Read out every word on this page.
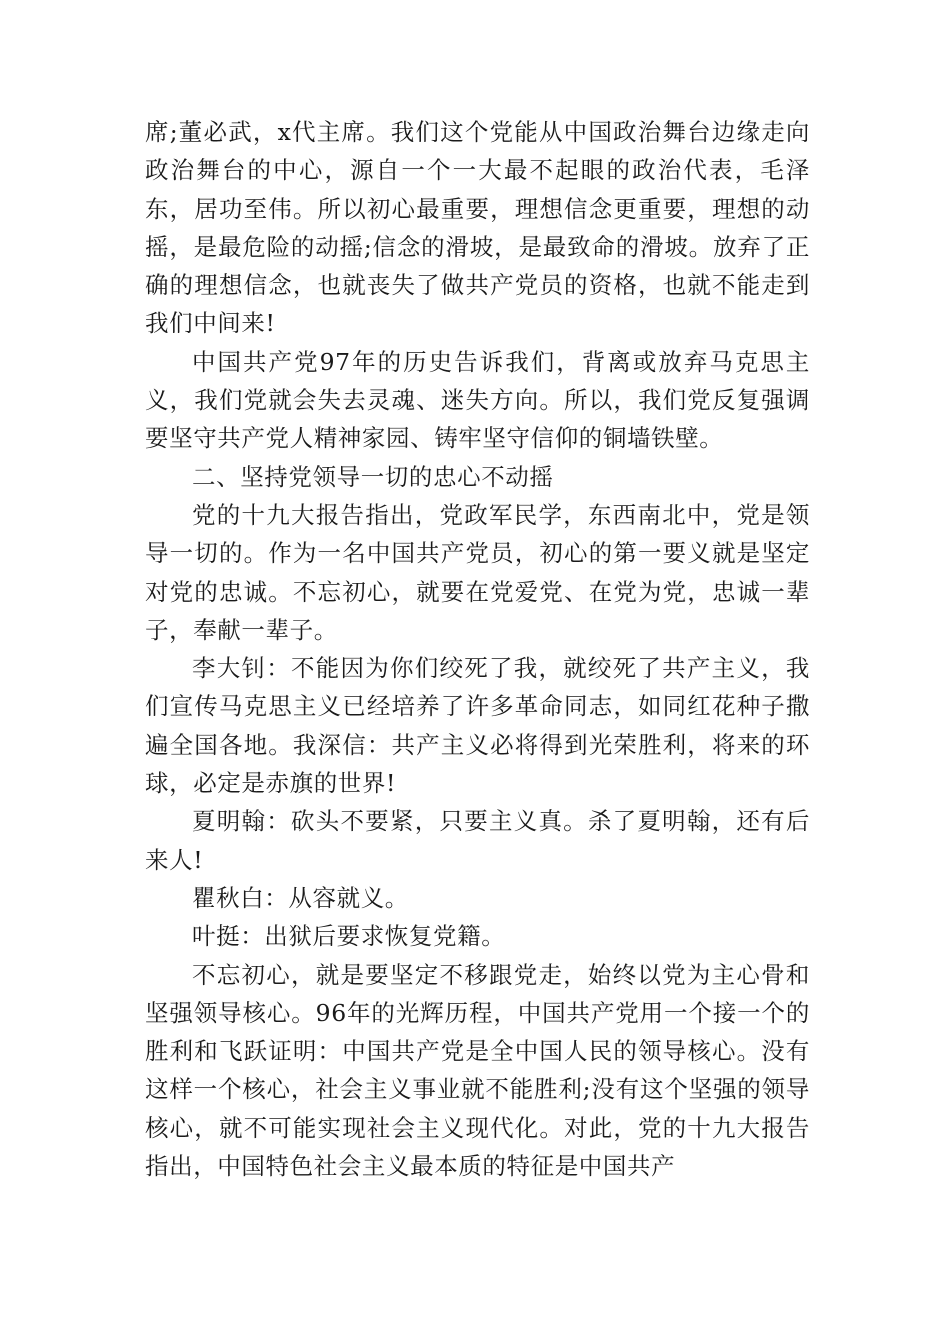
席;董必武，x代主席。我们这个党能从中国政治舞台边缘走向政治舞台的中心，源自一个一大最不起眼的政治代表，毛泽东，居功至伟。所以初心最重要，理想信念更重要，理想的动摇，是最危险的动摇;信念的滑坡，是最致命的滑坡。放弃了正确的理想信念，也就丧失了做共产党员的资格，也就不能走到我们中间来!

中国共产党97年的历史告诉我们，背离或放弃马克思主义，我们党就会失去灵魂、迷失方向。所以，我们党反复强调要坚守共产党人精神家园、铸牢坚守信仰的铜墙铁壁。

二、坚持党领导一切的忠心不动摇

党的十九大报告指出，党政军民学，东西南北中，党是领导一切的。作为一名中国共产党员，初心的第一要义就是坚定对党的忠诚。不忘初心，就要在党爱党、在党为党，忠诚一辈子，奉献一辈子。

李大钊：不能因为你们绞死了我，就绞死了共产主义，我们宣传马克思主义已经培养了许多革命同志，如同红花种子撒遍全国各地。我深信：共产主义必将得到光荣胜利，将来的环球，必定是赤旗的世界!

夏明翰：砍头不要紧，只要主义真。杀了夏明翰，还有后来人!

瞿秋白：从容就义。

叶挺：出狱后要求恢复党籍。

不忘初心，就是要坚定不移跟党走，始终以党为主心骨和坚强领导核心。96年的光辉历程，中国共产党用一个接一个的胜利和飞跃证明：中国共产党是全中国人民的领导核心。没有这样一个核心，社会主义事业就不能胜利;没有这个坚强的领导核心，就不可能实现社会主义现代化。对此，党的十九大报告指出，中国特色社会主义最本质的特征是中国共产
